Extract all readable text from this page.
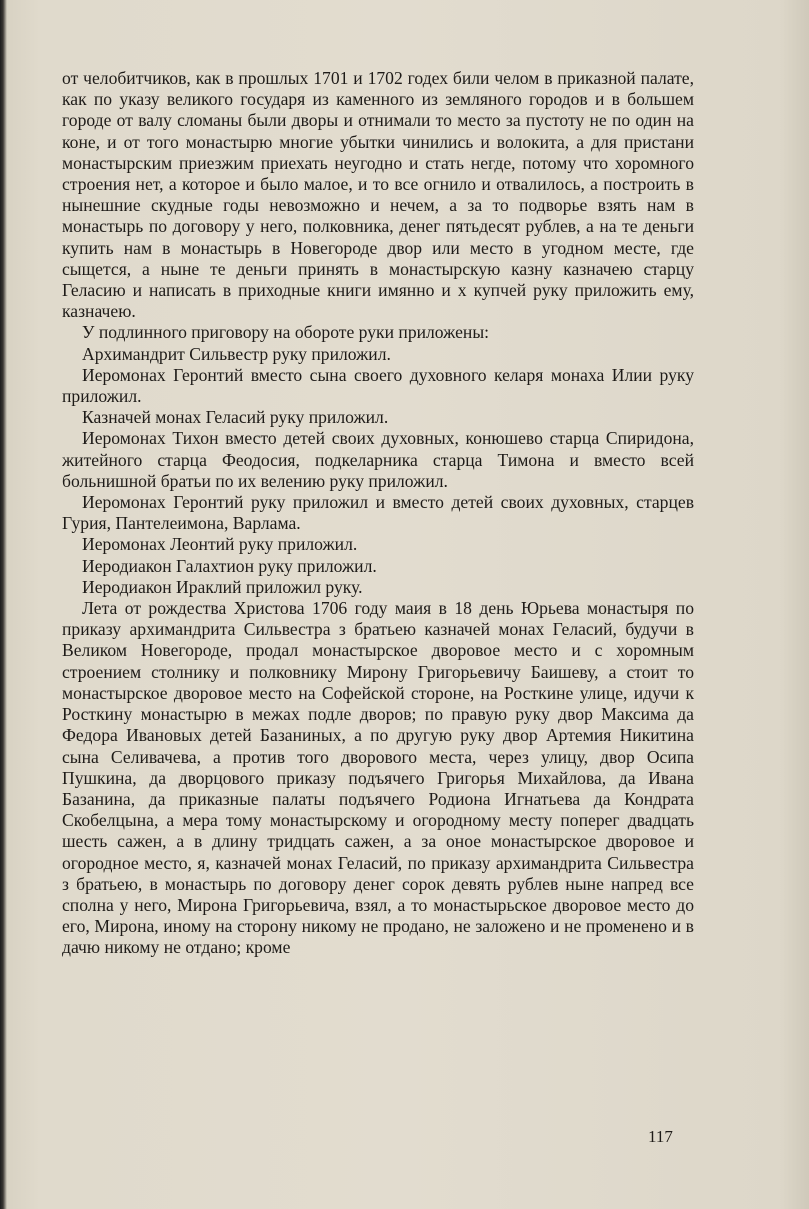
от челобитчиков, как в прошлых 1701 и 1702 годех били челом в приказной палате, как по указу великого государя из каменного из земляного городов и в большем городе от валу сломаны были дворы и отнимали то место за пустоту не по один на коне, и от того монастырю многие убытки чинились и волокита, а для пристани монастырским приезжим приехать неугодно и стать негде, потому что хоромного строения нет, а которое и было малое, и то все огнило и отвалилось, а построить в нынешние скудные годы невозможно и нечем, а за то подворье взять нам в монастырь по договору у него, полковника, денег пятьдесят рублев, а на те деньги купить нам в монастырь в Новегороде двор или место в угодном месте, где сыщется, а ныне те деньги принять в монастырскую казну казначею старцу Геласию и написать в приходные книги имянно и х купчей руку приложить ему, казначею.

У подлинного приговору на обороте руки приложены:

Архимандрит Сильвестр руку приложил.

Иеромонах Геронтий вместо сына своего духовного келаря монаха Илии руку приложил.

Казначей монах Геласий руку приложил.

Иеромонах Тихон вместо детей своих духовных, конюшево старца Спиридона, житейного старца Феодосия, подкеларника старца Тимона и вместо всей больнишной братьи по их велению руку приложил.

Иеромонах Геронтий руку приложил и вместо детей своих духовных, старцев Гурия, Пантелеимона, Варлама.

Иеромонах Леонтий руку приложил.

Иеродиакон Галахтион руку приложил.

Иеродиакон Ираклий приложил руку.

Лета от рождества Христова 1706 году маия в 18 день Юрьева монастыря по приказу архимандрита Сильвестра з братьею казначей монах Геласий, будучи в Великом Новегороде, продал монастырское дворовое место и с хоромным строением столнику и полковнику Мирону Григорьевичу Баишеву, а стоит то монастырское дворовое место на Софейской стороне, на Росткине улице, идучи к Росткину монастырю в межах подле дворов; по правую руку двор Максима да Федора Ивановых детей Базаниных, а по другую руку двор Артемия Никитина сына Селивачева, а против того дворового места, через улицу, двор Осипа Пушкина, да дворцового приказу подъячего Григорья Михайлова, да Ивана Базанина, да приказные палаты подъячего Родиона Игнатьева да Кондрата Скобелцына, а мера тому монастырскому и огородному месту поперег двадцать шесть сажен, а в длину тридцать сажен, а за оное монастырское дворовое и огородное место, я, казначей монах Геласий, по приказу архимандрита Сильвестра з братьею, в монастырь по договору денег сорок девять рублев ныне напред все сполна у него, Мирона Григорьевича, взял, а то монастырьское дворовое место до его, Мирона, иному на сторону никому не продано, не заложено и не променено и в дачю никому не отдано; кроме

117
